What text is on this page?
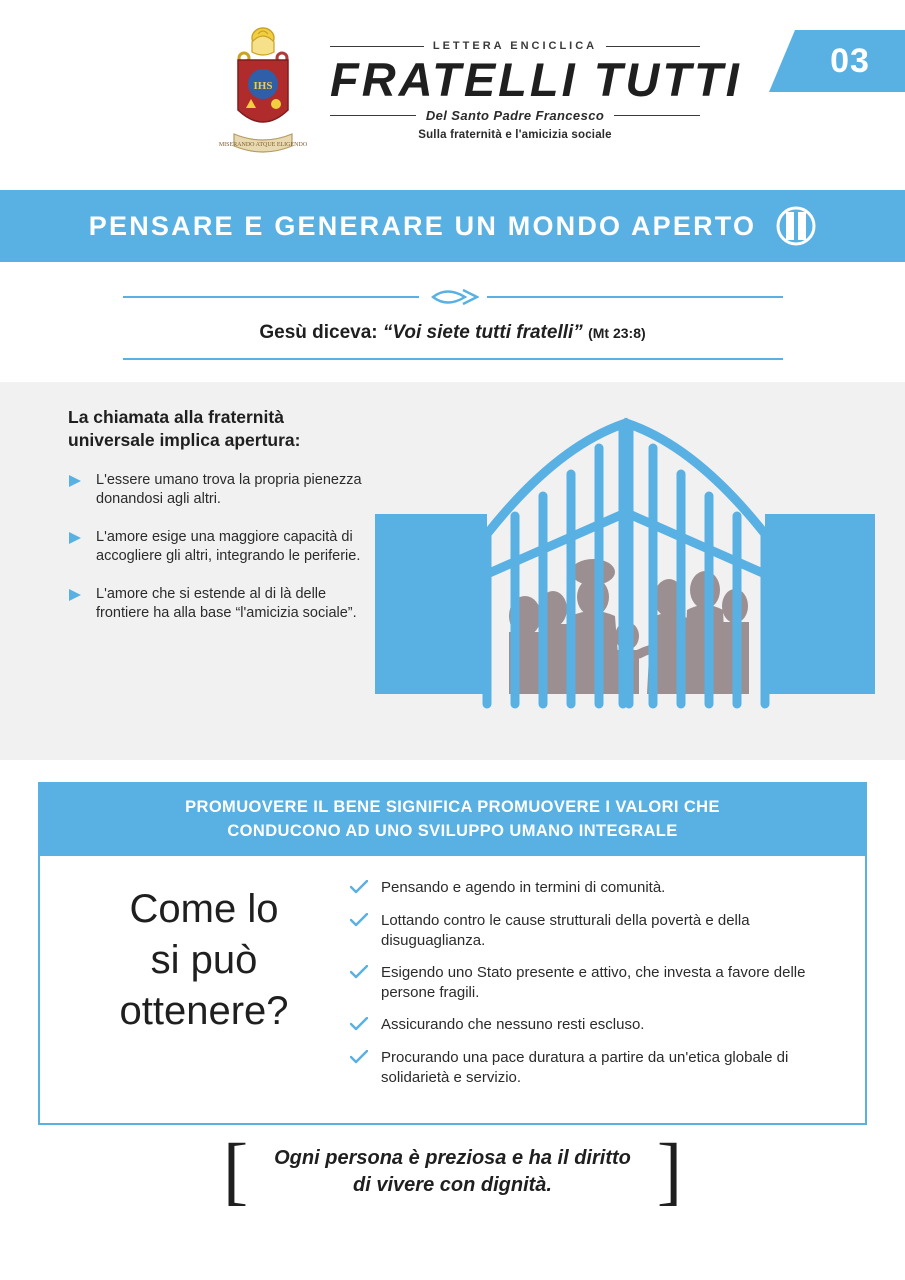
IHS
MISERANDO ATQUE ELIGENDO
LETTERA ENCICLICA
FRATELLI TUTTI
Del Santo Padre Francesco
Sulla fraternità e l'amicizia sociale
03
PENSARE E GENERARE UN MONDO APERTO
Gesù diceva: “Voi siete tutti fratelli” (Mt 23:8)
La chiamata alla fraternità universale implica apertura:
L'essere umano trova la propria pienezza donandosi agli altri.
L'amore esige una maggiore capacità di accogliere gli altri, integrando le periferie.
L'amore che si estende al di là delle frontiere ha alla base “l'amicizia sociale”.
PROMUOVERE IL BENE SIGNIFICA PROMUOVERE I VALORI CHE
CONDUCONO AD UNO SVILUPPO UMANO INTEGRALE
Come lo
si può
ottenere?
Pensando e agendo in termini di comunità.
Lottando contro le cause strutturali della povertà e della disuguaglianza.
Esigendo uno Stato presente e attivo, che investa a favore delle persone fragili.
Assicurando che nessuno resti escluso.
Procurando una pace duratura a partire da un'etica globale di solidarietà e servizio.
[ Ogni persona è preziosa e ha il diritto
di vivere con dignità.	]
